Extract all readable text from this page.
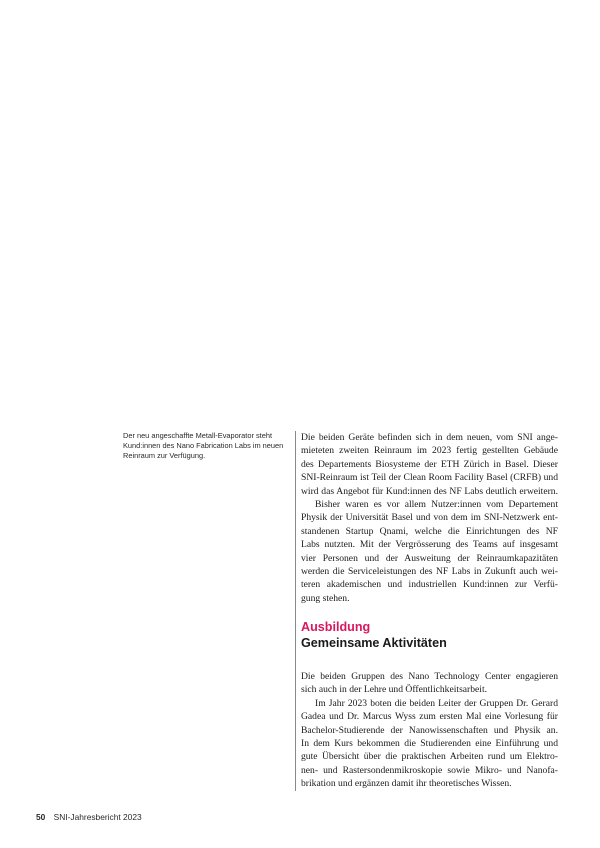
Der neu angeschaffte Metall-Evaporator steht
Kund:innen des Nano Fabrication Labs im neuen
Reinraum zur Verfügung.
Die beiden Geräte befinden sich in dem neuen, vom SNI ange-
mieteten zweiten Reinraum im 2023 fertig gestellten Gebäude
des Departements Biosysteme der ETH Zürich in Basel. Dieser
SNI-Reinraum ist Teil der Clean Room Facility Basel (CRFB) und
wird das Angebot für Kund:innen des NF Labs deutlich erweitern.
Bisher waren es vor allem Nutzer:innen vom Departement
Physik der Universität Basel und von dem im SNI-Netzwerk ent-
standenen Startup Qnami, welche die Einrichtungen des NF
Labs nutzten. Mit der Vergrösserung des Teams auf insgesamt
vier Personen und der Ausweitung der Reinraumkapazitäten
werden die Serviceleistungen des NF Labs in Zukunft auch wei-
teren akademischen und industriellen Kund:innen zur Verfü-
gung stehen.
Ausbildung
Gemeinsame Aktivitäten
Die beiden Gruppen des Nano Technology Center engagieren
sich auch in der Lehre und Öffentlichkeitsarbeit.
Im Jahr 2023 boten die beiden Leiter der Gruppen Dr. Gerard
Gadea und Dr. Marcus Wyss zum ersten Mal eine Vorlesung für
Bachelor-Studierende der Nanowissenschaften und Physik an.
In dem Kurs bekommen die Studierenden eine Einführung und
gute Übersicht über die praktischen Arbeiten rund um Elektro-
nen- und Rastersondenmikroskopie sowie Mikro- und Nanofa-
brikation und ergänzen damit ihr theoretisches Wissen.
50 SNI-Jahresbericht 2023
